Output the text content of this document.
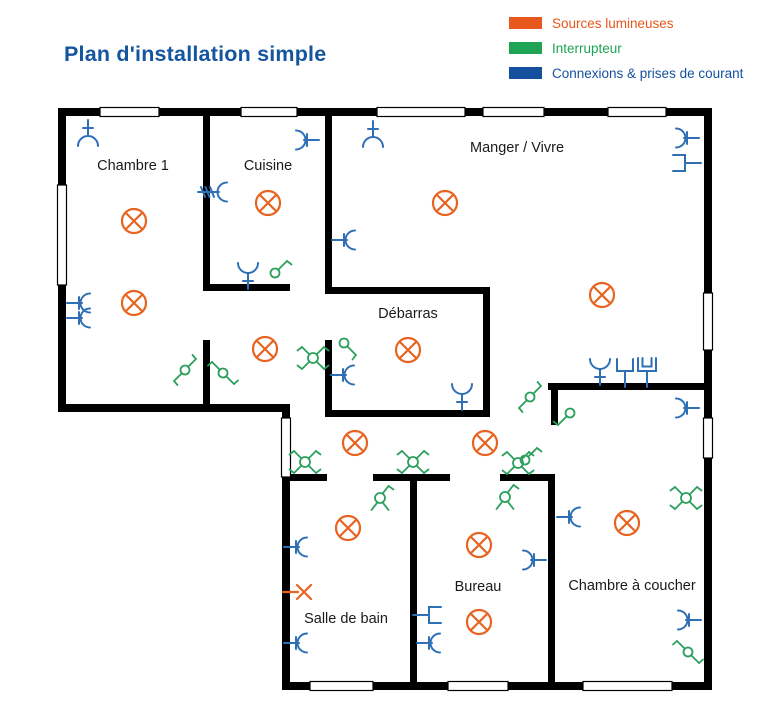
Plan d'installation simple
Sources lumineuses
Interrupteur
Connexions & prises de courant
Chambre 1	Cuisine
Manger / Vivre
Débarras
Salle de bain
Bureau	Chambre à coucher
